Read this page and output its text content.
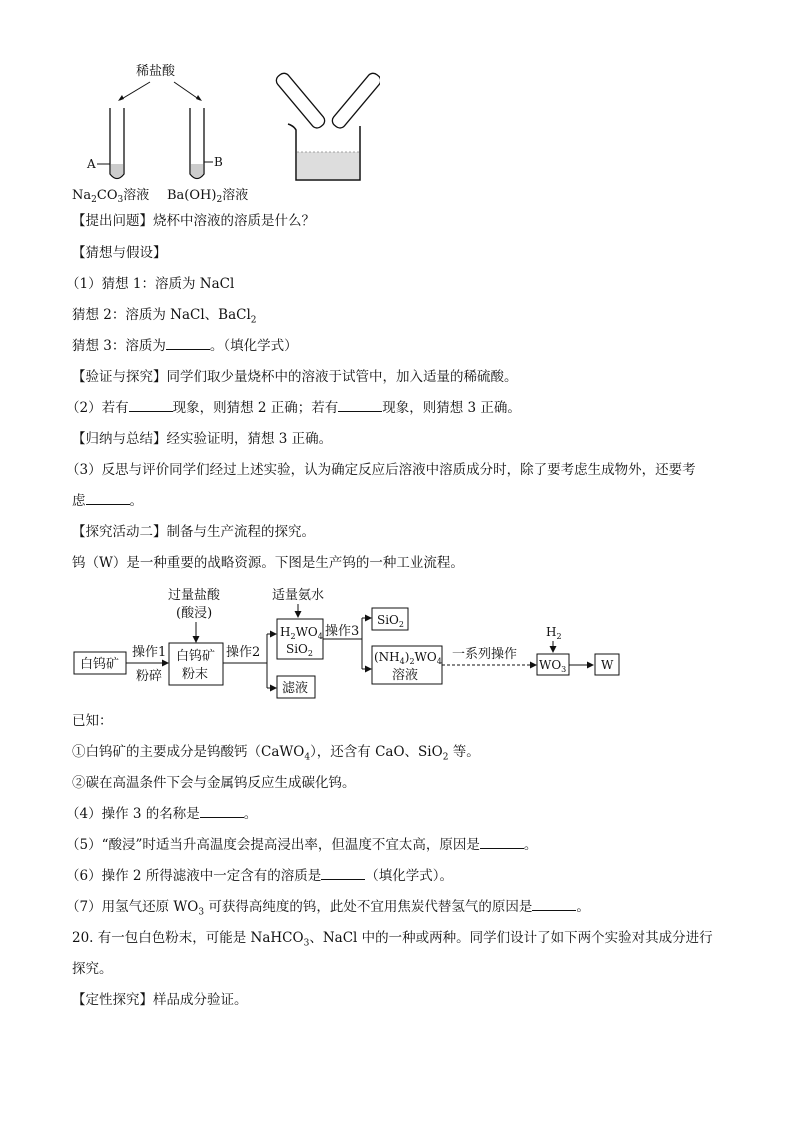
稀盐酸
A	B
$Na_2CO_3$溶液 $Ba(OH)_2$溶液
【提出问题】烧杯中溶液的溶质是什么？
【猜想与假设】
（1）猜想 1：溶质为 NaCl
猜想 2：溶质为 NaCl、BaCl$_2$
猜想 3：溶质为	。（填化学式）
【验证与探究】同学们取少量烧杯中的溶液于试管中，加入适量的稀硫酸。
（2）若有	现象，则猜想 2 正确；若有	现象，则猜想 3 正确。
【归纳与总结】经实验证明，猜想 3 正确。
（3）反思与评价同学们经过上述实验，认为确定反应后溶液中溶质成分时，除了要考虑生成物外，还要考
虑	。
【探究活动二】制备与生产流程的探究。
钨（W）是一种重要的战略资源。下图是生产钨的一种工业流程。
白钨矿
操作1
粉碎
过量盐酸
(酸浸)
白钨矿
粉末
操作2
适量氨水
$H_2WO_4$
SiO$_2$
滤液
操作3
SiO$_2$
$(NH_4)_2WO_4$
溶液
一系列操作
$H_2$
$WO_3$	W
已知：
①白钨矿的主要成分是钨酸钙（CaWO$_4$），还含有 CaO、SiO$_2$ 等。
②碳在高温条件下会与金属钨反应生成碳化钨。
（4）操作 3 的名称是	。
（5）“酸浸”时适当升高温度会提高浸出率，但温度不宜太高，原因是	。
（6）操作 2 所得滤液中一定含有的溶质是	（填化学式）。
（7）用氢气还原 $WO_3$ 可获得高纯度的钨，此处不宜用焦炭代替氢气的原因是	。
20. 有一包白色粉末，可能是 NaHCO$_3$、NaCl 中的一种或两种。同学们设计了如下两个实验对其成分进行
探究。
【定性探究】样品成分验证。
